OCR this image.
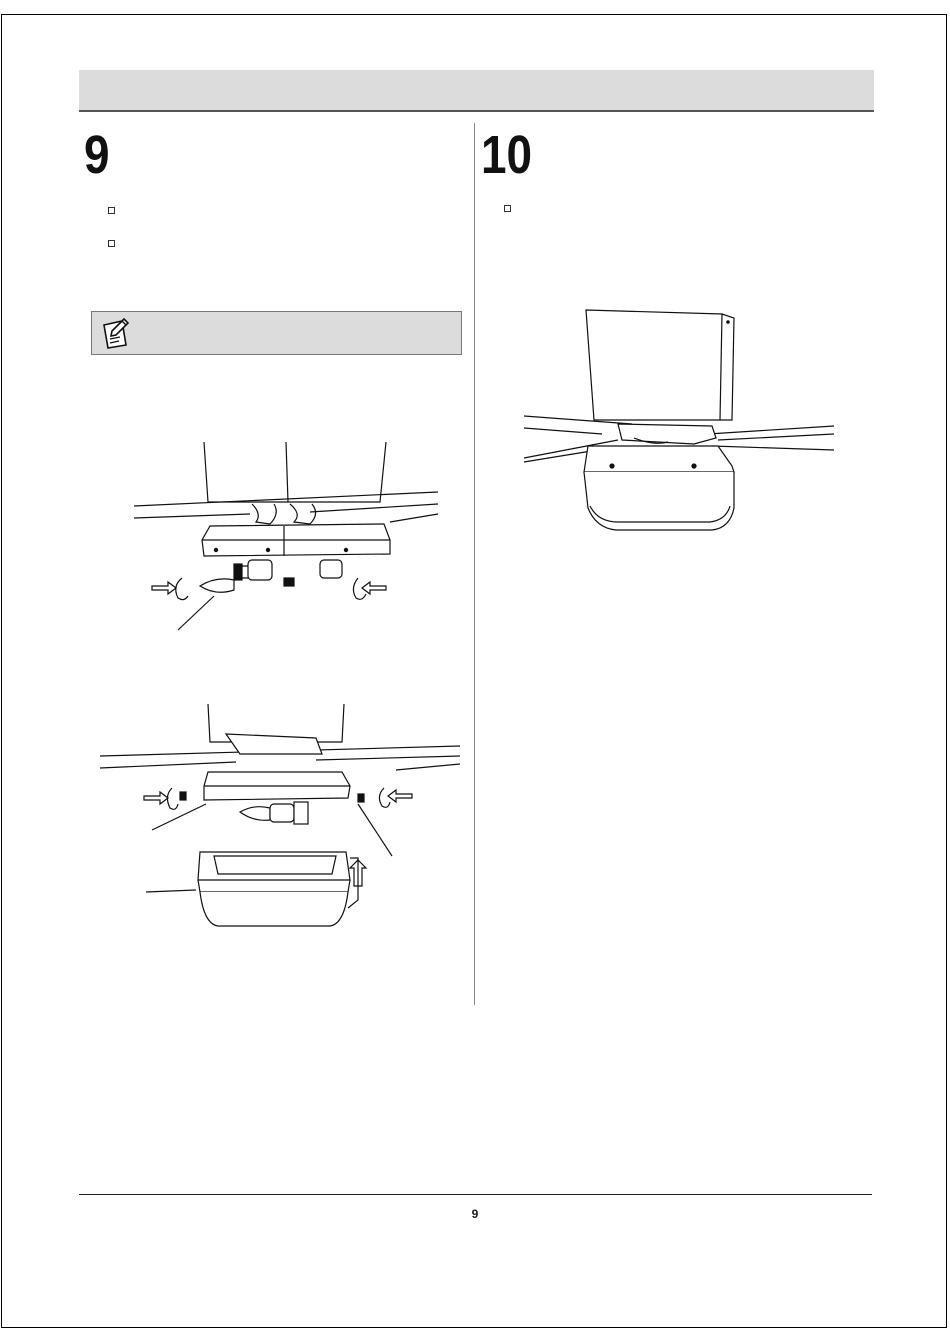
9	10
9
